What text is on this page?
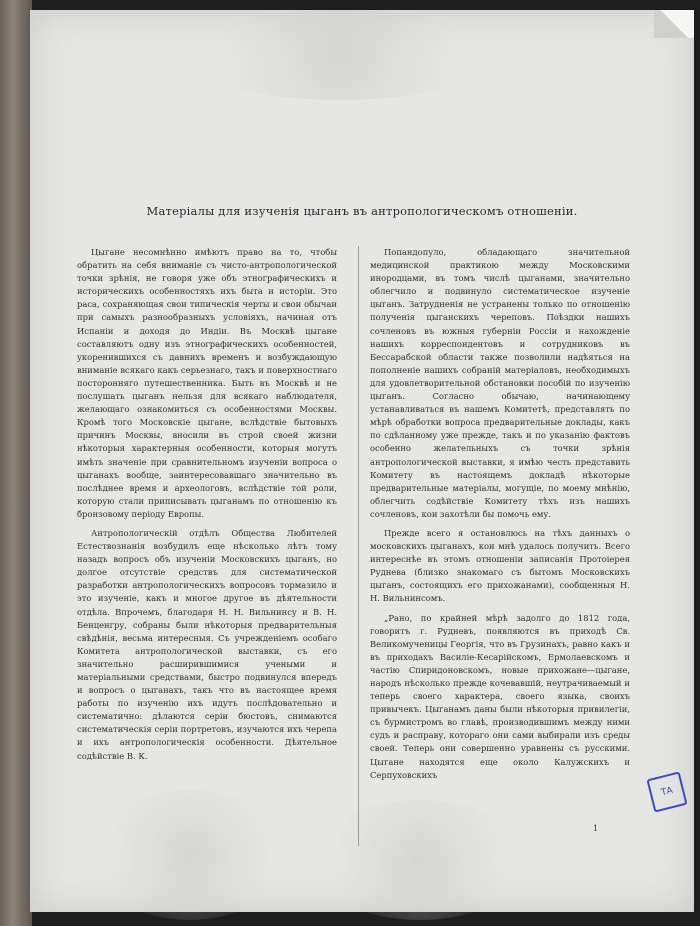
Матеріалы для изученія цыганъ въ антропологическомъ отношеніи.

Цыгане несомнѣнно имѣютъ право на то, чтобы обратить на себя вниманіе съ чисто-антропологической точки зрѣнія, не говоря уже объ этнографическихъ и историческихъ особенностяхъ ихъ быта и исторіи. Это раса, сохраняющая свои типическія черты и свои обычаи при самыхъ разнообразныхъ условіяхъ, начиная отъ Испаніи и доходя до Индіи. Въ Москвѣ цыгане составляютъ одну изъ этнографическихъ особенностей, укоренившихся съ давнихъ временъ и возбуждающую вниманіе всякаго какъ серьезнаго, такъ и поверхностнаго посторонняго путешественника. Быть въ Москвѣ и не послушать цыганъ нельзя для всякаго наблюдателя, желающаго ознакомиться съ особенностями Москвы. Кромѣ того Московскіе цыгане, вслѣдствіе бытовыхъ причинъ Москвы, вносили въ строй своей жизни нѣкоторыя характерныя особенности, которыя могутъ имѣть значеніе при сравнительномъ изученіи вопроса о цыганахъ вообще, заинтересовавшаго значительно въ послѣднее время и археологовъ, вслѣдствіе той роли, которую стали приписывать цыганамъ по отношенію къ бронзовому періоду Европы.

Антропологическій отдѣлъ Общества Любителей Естествознанія возбудилъ еще нѣсколько лѣтъ тому назадъ вопросъ объ изученіи Московскихъ цыганъ, но долгое отсутствіе средствъ для систематической разработки антропологическихъ вопросовъ тормазило и это изученіе, какъ и многое другое въ дѣятельности отдѣла. Впрочемъ, благодаря Н. Н. Вильнинсу и В. Н. Бенценгру, собраны были нѣкоторыя предварительныя свѣдѣнія, весьма интересныя. Съ учрежденіемъ особаго Комитета антропологической выставки, съ его значительно расширившимися учеными и матеріальными средствами, быстро подвинулся впередъ и вопросъ о цыганахъ, такъ что въ настоящее время работы по изученію ихъ идутъ послѣдовательно и систематично: дѣлаются серіи бюстовъ, снимаются систематическія серіи портретовъ, изучаются ихъ черепа и ихъ антропологическія особенности. Дѣятельное содѣйствіе В. К.

Попандопуло, обладающаго значительной медицинской практикою между Московскими инородцами, въ томъ числѣ цыганами, значительно облегчило и подвинуло систематическое изученіе цыганъ. Затрудненія не устранены только по отношенію полученія цыганскихъ череповъ. Поѣздки нашихъ сочленовъ въ южныя губерніи Россіи и нахожденіе нашихъ корреспондентовъ и сотрудниковъ въ Бессарабской области также позволили надѣяться на пополненіе нашихъ собраній матеріаловъ, необходимыхъ для удовлетворительной обстановки пособій по изученію цыганъ. Согласно обычаю, начинающему устанавливаться въ нашемъ Комитетѣ, представлять по мѣрѣ обработки вопроса предварительные доклады, какъ по сдѣланному уже прежде, такъ и по указанію фактовъ особенно желательныхъ съ точки зрѣнія антропологической выставки, я имѣю честь представить Комитету въ настоящемъ докладѣ нѣкоторые предварительные матеріалы, могущіе, по моему мнѣнію, облегчить содѣйствіе Комитету тѣхъ изъ нашихъ сочленовъ, кои захотѣли бы помочь ему.

Прежде всего я остановлюсь на тѣхъ данныхъ о московскихъ цыганахъ, кои мнѣ удалось получить. Всего интереснѣе въ этомъ отношеніи записанія Протоіерея Руднева (близко знакомаго съ бытомъ Московскихъ цыганъ, состоящихъ его прихожанами), сообщенныя Н. Н. Вильнинсомъ.

„Рано, по крайней мѣрѣ задолго до 1812 года, говоритъ г. Рудневъ, появляются въ приходѣ Св. Великомученицы Георгія, что въ Грузинахъ, равно какъ и въ приходахъ Василіе-Кесарійскомъ, Ермолаевскомъ и частію Спиридоновскомъ, новые прихожане—цыгане, народъ нѣсколько прежде кочевавшій, неутрачиваемый и теперь своего характера, своего языка, своихъ привычекъ. Цыганамъ даны были нѣкоторыя привилегіи, съ бурмистромъ во главѣ, производившимъ между ними судъ и расправу, котораго они сами выбирали изъ среды своей. Теперь они совершенно уравнены съ русскими. Цыгане находятся еще около Калужскихъ и Серпуховскихъ

1
ТА
